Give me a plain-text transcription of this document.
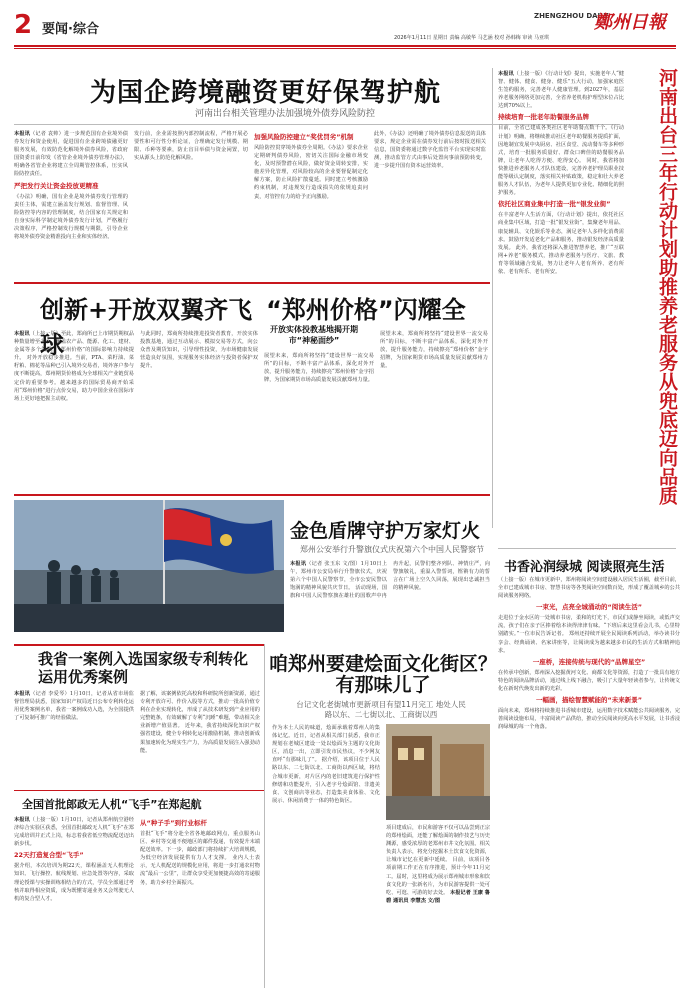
2 要闻·综合
2026年1月11日 星期日 责编 高敏华 马艺涵 校对 孙韩梅 审读 马亚琪
ZHENGZHOU DAILY
鄭州日報
为国企跨境融资更好保驾护航
河南出台相关管理办法加强境外债券风险防控
本报讯（记者 袁帅）进一步规范国有企业境外债券发行和资金使用，促进国有企业跨境债融更好服务发展，有效防范化解境外债券风险，省政府国资委日前印发《省管企业境外债券管理办法》，明确各省管企业将建立全周期管控体系，压实风险防控责任。
严把发行关让资金投放更精准
《办法》明确，国有企业是境外债券发行管理的责任主体，需建立涵盖发行规划、监督管理、风险防控等内容的管理制度，结合国家有关规定和自身实际科学制定境外债券发行计划，严格履行决策程序，严格控制发行规模与期限，引导企业将境外债券资金精准投向主业和实体经济。
发行前，企业需按照内部控制流程，严格开展必要性和可行性分析论证，合理确定发行规模、期限、币种等要素，防止盲目举债与资金闲置，切实从源头上防范化解风险。
加强风险防控建立“奖优罚劣”机制
风险防控贯穿境外债券全周期。《办法》要求企业定期研判债券风险，密切关注国际金融市场变化，及时预警潜在风险，做好资金周转安排，实施差异化管理，对风险较高的企业要督促制定化解方案，防止风险扩散蔓延。同时建立考核激励约束机制，对违规发行造成损失的依规追责问责，对管控有力的给予正向激励。
此外，《办法》还明确了境外债券信息报送的具体要求，规定企业需在债券发行前后按时报送相关信息，国资委将通过数字化监管平台实现实时监测，推动监管方式由事后处置向事前预防转变，进一步提升国有资本运营效率。	河南出台三年行动计划助推养老服务从兜底迈向品质
本报讯（上接一版）《行动计划》提出，实施老年人“健智、健体、健食、健身、健乐”五大行动，加强家庭医生签约服务，完善老年人健康管理。到2027年，基层养老服务网络更加完善，全省养老机构护理型床位占比达到70%以上。
持续培育一批老年助餐服务品牌
目前，全省已建成各类社区老年助餐点数千个。《行动计划》明确，将继续推动社区老年助餐服务提质扩面，因地制宜发展中央厨房、社区食堂、流动餐车等多种形式，培育一批服务质量好、群众口碑佳的助餐服务品牌，让老年人吃得方便、吃得安心。 同时，我省将加快推进养老服务人才队伍建设，完善养老护理员职业技能等级认定制度，落实相关补贴政策，稳定和壮大养老服务人才队伍，为老年人提供更加专业化、精细化的照护服务。
依托社区商业集中打造一批“银发业街”
在丰富老年人生活方面，《行动计划》提出，依托社区商业集中区域，打造一批“银发业街”，集聚老年用品、康复辅具、文化娱乐等业态，满足老年人多样化消费需求。鼓励开发适老化产品和服务，推动银发经济高质量发展。 此外，我省还将深入推进智慧养老，推广“互联网+养老”服务模式，推动养老服务与医疗、文旅、教育等领域融合发展，努力让老年人老有所养、老有所依、老有所乐、老有所安。
创新+开放双翼齐飞 “郑州价格”闪耀全球
本报讯（上接一版）至此，郑商所已上市期货期权品种数量增至多个，覆盖农产品、能源、化工、建材、金属等多个领域，“郑州价格”的国际影响力持续提升。 对外开放稳步推进。当前，PTA、菜籽油、菜籽粕、棉花等品种已引入境外交易者，境外客户参与度不断提高，郑州期货价格成为全球相关产业链贸易定价的重要参考。越来越多的国际贸易商开始采用“郑州价格”进行点价交易，助力中国企业在国际市场上更好地把握主动权。
与此同时，郑商所持续推进投资者教育，开放实体投教基地，通过互动展示、模拟交易等方式，向公众普及期货知识，引导理性投资，为市场健康发展营造良好氛围，实现服务实体经济与投资者保护双提升。
开放实体投教基地揭开期市“神秘面纱”
展望未来，郑商所将坚持“建设世界一流交易所”的目标，不断丰富产品体系，深化对外开放，提升服务能力，持续擦亮“郑州价格”金字招牌，为国家期货市场高质量发展贡献郑州力量。
展望未来，郑商所将坚持“建设世界一流交易所”的目标，不断丰富产品体系，深化对外开放，提升服务能力，持续擦亮“郑州价格”金字招牌，为国家期货市场高质量发展贡献郑州力量。
金色盾牌守护万家灯火
郑州公安举行升警旗仪式庆祝第六个中国人民警察节
本报讯（记者 张玉东 文/图）1月10日上午，郑州市公安局举行升警旗仪式，庆祝第六个中国人民警察节，全市公安民警以饱满的精神风貌共庆节日。 活动现场，国旗和中国人民警察旗在雄壮的国歌声中冉冉升起，民警们整齐列队、神情庄严，向警旗敬礼，重温入警誓词，铿锵有力的誓言在广场上空久久回荡，展现出忠诚担当的精神风貌。
书香沁润绿城 阅读照亮生活
（上接一版）在城市更新中，郑州将阅读空间建设融入居民生活圈，截至目前，全市已建成城市书房、智慧书房等各类阅读空间数百处，形成了覆盖城乡的公共阅读服务网络。
一束光，点亮全城涌动的“阅读生活”
走进位于金水区的一处城市书房，柔和的灯光下，市民们或静坐阅读，或低声交流，孩子们在亲子区捧着绘本读得津津有味。“下班后来这里看会儿书，心里特别踏实。”一位市民告诉记者。 郑州还持续开展全民阅读系列活动，举办读书分享会、经典诵读、名家讲座等，让阅读成为越来越多市民的生活方式和精神追求。
一座桥，连接传统与现代的“品牌星空”
在传承中创新，郑州深入挖掘黄河文化、商都文化等资源，打造了一批具有地方特色的阅读品牌活动，通过线上线下融合，吸引了大量年轻读者参与，让传统文化在新时代焕发出新的光彩。
一幅画，描绘智慧赋能的“未来新景”
面向未来，郑州将持续推进书香城市建设，运用数字技术赋能公共阅读服务，完善阅读设施布局，丰富阅读产品供给，推动全民阅读向更高水平发展，让书香浸润绿城的每一个角落。
我省一案例入选国家级专利转化运用优秀案例
本报讯（记者 李爱琴）1月10日，记者从省市场监督管理局获悉，国家知识产权局近日公布专利转化运用优秀案例名单，我省一案例成功入选，为全国提供了可复制可推广的经验做法。
据了解，该案例依托高校和科研院所创新资源，通过专利开放许可、作价入股等方式，推动一批高价值专利在企业实现转化，形成了从技术研发到产业应用的完整链条，有效破解了专利“沉睡”难题，带动相关企业新增产值显著。 近年来，我省持续深化知识产权强省建设，健全专利转化运用激励机制，推动创新成果加速转化为现实生产力，为高质量发展注入强劲动能。
全国首批郎政无人机“飞手”在郑起航
本报讯（上接一版）1月10日，记者从郑州航空港经济综合实验区获悉，全国首批邮政无人机“飞手”在郑完成培训并正式上岗，标志着我省低空物流配送迈出新步伐。
22天打造复合型“飞手”
据介绍，本次培训为期22天，课程涵盖无人机理论知识、飞行操控、航线规划、应急处置等内容，采取理论授课与实操训练相结合的方式，学员全部通过考核并取得相应资质，成为既懂寄递业务又会驾驶无人机的复合型人才。
从“种子手”到行业标杆
首批“飞手”将分赴全省各地邮政网点，重点服务山区、乡村等交通不便地区的邮件投递，有效提升末端配送效率。下一步，邮政部门将持续扩大培训规模，为低空经济发展提供有力人才支撑。 业内人士表示，无人机配送的规模化应用，将进一步打通农村物流“最后一公里”，让群众享受更加便捷高效的寄递服务，助力乡村全面振兴。
咱郑州要建烩面文化街区？有那味儿了
台记文化老街城市更新项目有望11月完工 地处人民路以东、二七街以北、工商街以西
作为本土人民的味道，烩面承载着郑州人的集体记忆。近日，记者从相关部门获悉，我市正规划在老城区建设一处以烩面为主题的文化街区，消息一出，立即引发市民热议，不少网友直呼“有那味儿了”。 据介绍，该项目位于人民路以东、二七街以北、工商街以西区域，将结合城市更新，对片区内的老旧建筑进行保护性修缮和功能提升，引入老字号烩面馆、非遗美食、文创商店等业态，打造集美食体验、文化展示、休闲消费于一体的特色街区。
项目建成后，市民和游客不仅可以品尝到正宗的郑州烩面，还能了解烩面的制作技艺与历史渊源，感受浓厚的老郑州市井文化氛围。相关负责人表示，将充分挖掘本土饮食文化资源，让城市记忆在更新中延续。 目前，该项目各项前期工作正在有序推进，预计今年11月完工。届时，这里将成为展示郑州城市形象和饮食文化的一张新名片，为市民游客提供一处可吃、可逛、可游的好去处。 本报记者 王康 鲁碧 通讯员 李慧杰 文/图
